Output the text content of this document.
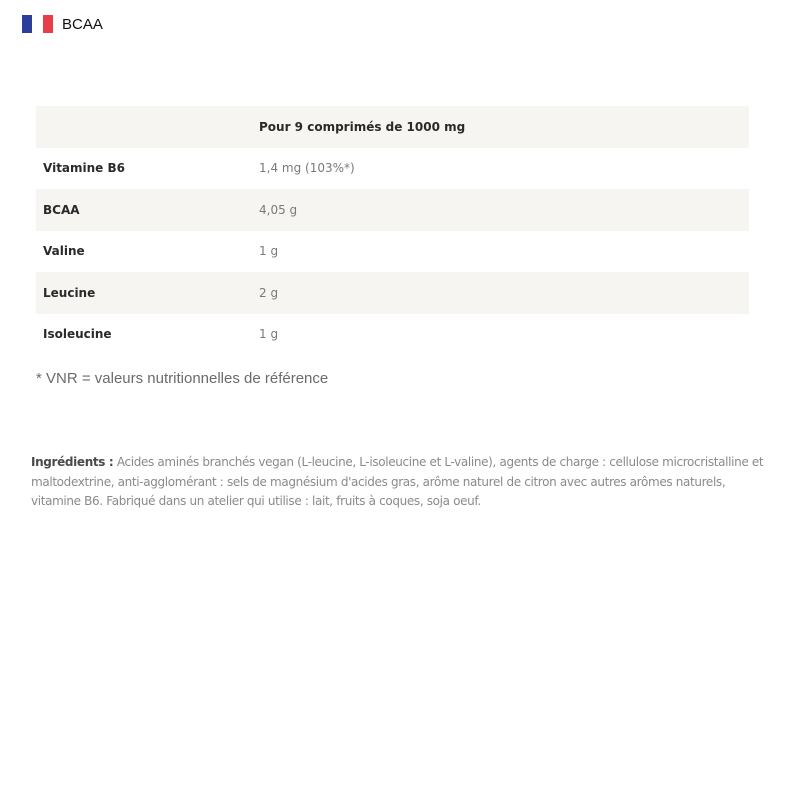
BCAA
	Pour 9 comprimés de 1000 mg
Vitamine B6	1,4 mg (103%*)
BCAA	4,05 g
Valine	1 g
Leucine	2 g
Isoleucine	1 g
* VNR = valeurs nutritionnelles de référence
Ingrédients : Acides aminés branchés vegan (L-leucine, L-isoleucine et L-valine), agents de charge : cellulose microcristalline et maltodextrine, anti-agglomérant : sels de magnésium d'acides gras, arôme naturel de citron avec autres arômes naturels, vitamine B6. Fabriqué dans un atelier qui utilise : lait, fruits à coques, soja oeuf.
